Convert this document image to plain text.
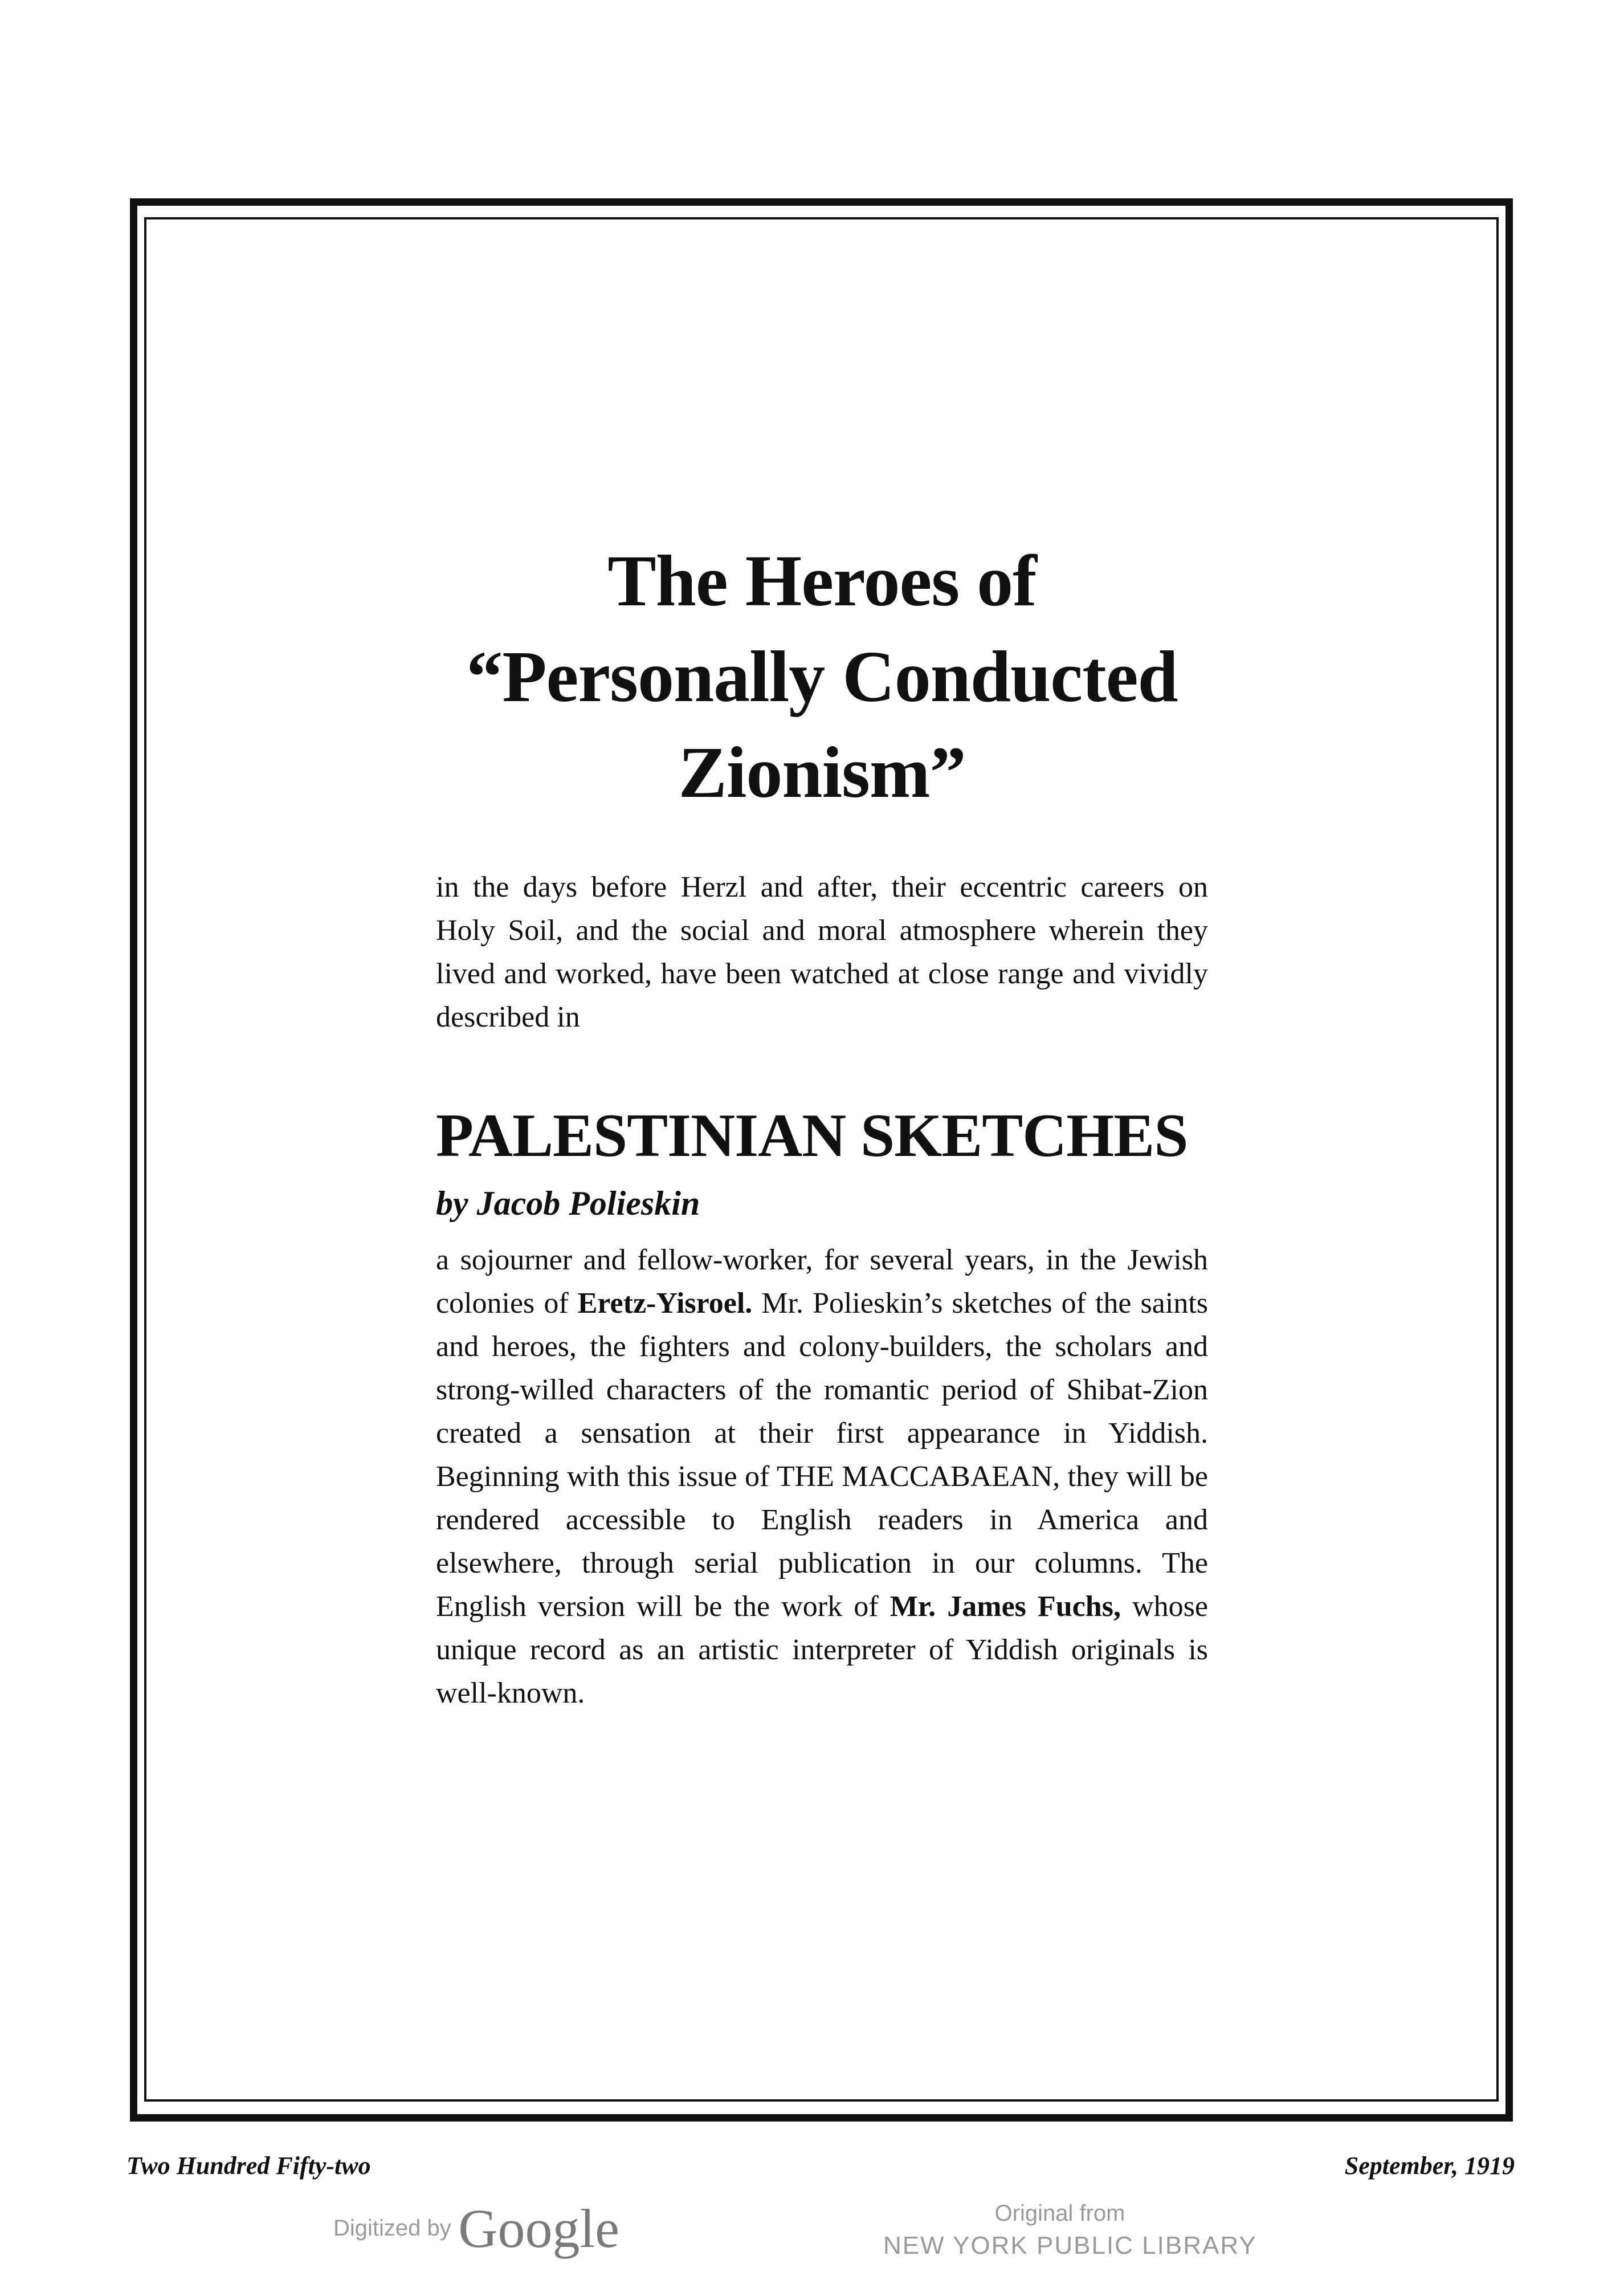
The Heroes of
“Personally Conducted
Zionism”

in the days before Herzl and after, their eccentric careers on Holy Soil, and the social and moral atmosphere wherein they lived and worked, have been watched at close range and vividly described in

PALESTINIAN SKETCHES

by Jacob Polieskin

a sojourner and fellow-worker, for several years, in the Jewish colonies of Eretz-Yisroel. Mr. Polieskin’s sketches of the saints and heroes, the fighters and colony-builders, the scholars and strong-willed characters of the romantic period of Shibat-Zion created a sensation at their first appearance in Yiddish. Beginning with this issue of THE MACCABAEAN, they will be rendered accessible to English readers in America and elsewhere, through serial publication in our columns. The English version will be the work of Mr. James Fuchs, whose unique record as an artistic interpreter of Yiddish originals is well-known.

Two Hundred Fifty-two	September, 1919
Digitized by Google	Original from
NEW YORK PUBLIC LIBRARY
